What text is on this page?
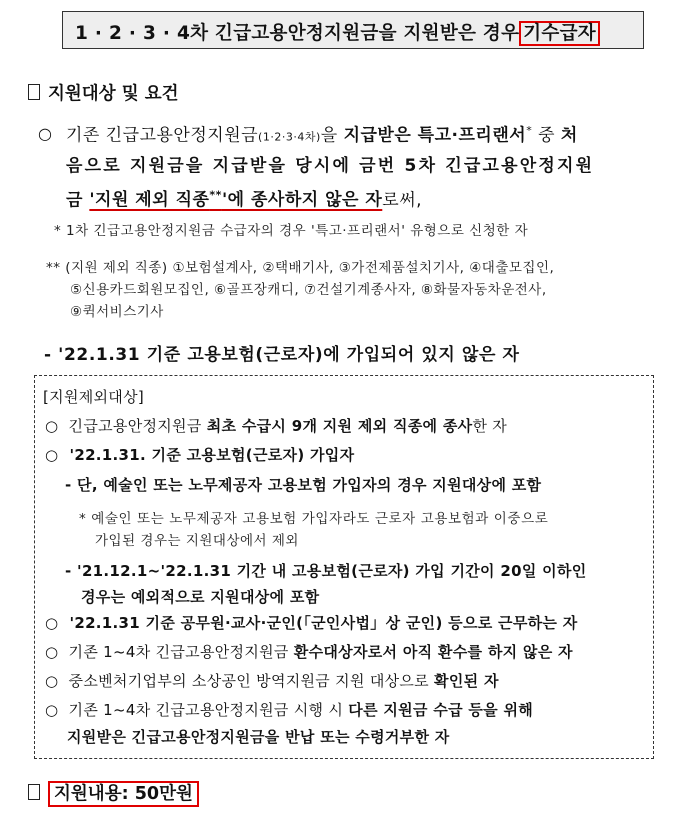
1 · 2 · 3 · 4차 긴급고용안정지원금을 지원받은 경우 기수급자
지원대상 및 요건
○ 기존 긴급고용안정지원금(1·2·3·4차)을 지급받은 특고·프리랜서* 중 처
음으로 지원금을 지급받을 당시에 금번 5차 긴급고용안정지원
금 '지원 제외 직종**'에 종사하지 않은 자로써,
* 1차 긴급고용안정지원금 수급자의 경우 '특고·프리랜서' 유형으로 신청한 자
** (지원 제외 직종) ①보험설계사, ②택배기사, ③가전제품설치기사, ④대출모집인,
⑤신용카드회원모집인, ⑥골프장캐디, ⑦건설기계종사자, ⑧화물자동차운전사,
⑨퀵서비스기사
- '22.1.31 기준 고용보험(근로자)에 가입되어 있지 않은 자
[지원제외대상]
○ 긴급고용안정지원금 최초 수급시 9개 지원 제외 직종에 종사한 자
○ '22.1.31. 기준 고용보험(근로자) 가입자
- 단, 예술인 또는 노무제공자 고용보험 가입자의 경우 지원대상에 포함
* 예술인 또는 노무제공자 고용보험 가입자라도 근로자 고용보험과 이중으로
가입된 경우는 지원대상에서 제외
- '21.12.1~'22.1.31 기간 내 고용보험(근로자) 가입 기간이 20일 이하인
경우는 예외적으로 지원대상에 포함
○ '22.1.31 기준 공무원·교사·군인(「군인사법」상 군인) 등으로 근무하는 자
○ 기존 1~4차 긴급고용안정지원금 환수대상자로서 아직 환수를 하지 않은 자
○ 중소벤처기업부의 소상공인 방역지원금 지원 대상으로 확인된 자
○ 기존 1~4차 긴급고용안정지원금 시행 시 다른 지원금 수급 등을 위해
지원받은 긴급고용안정지원금을 반납 또는 수령거부한 자
지원내용: 50만원
